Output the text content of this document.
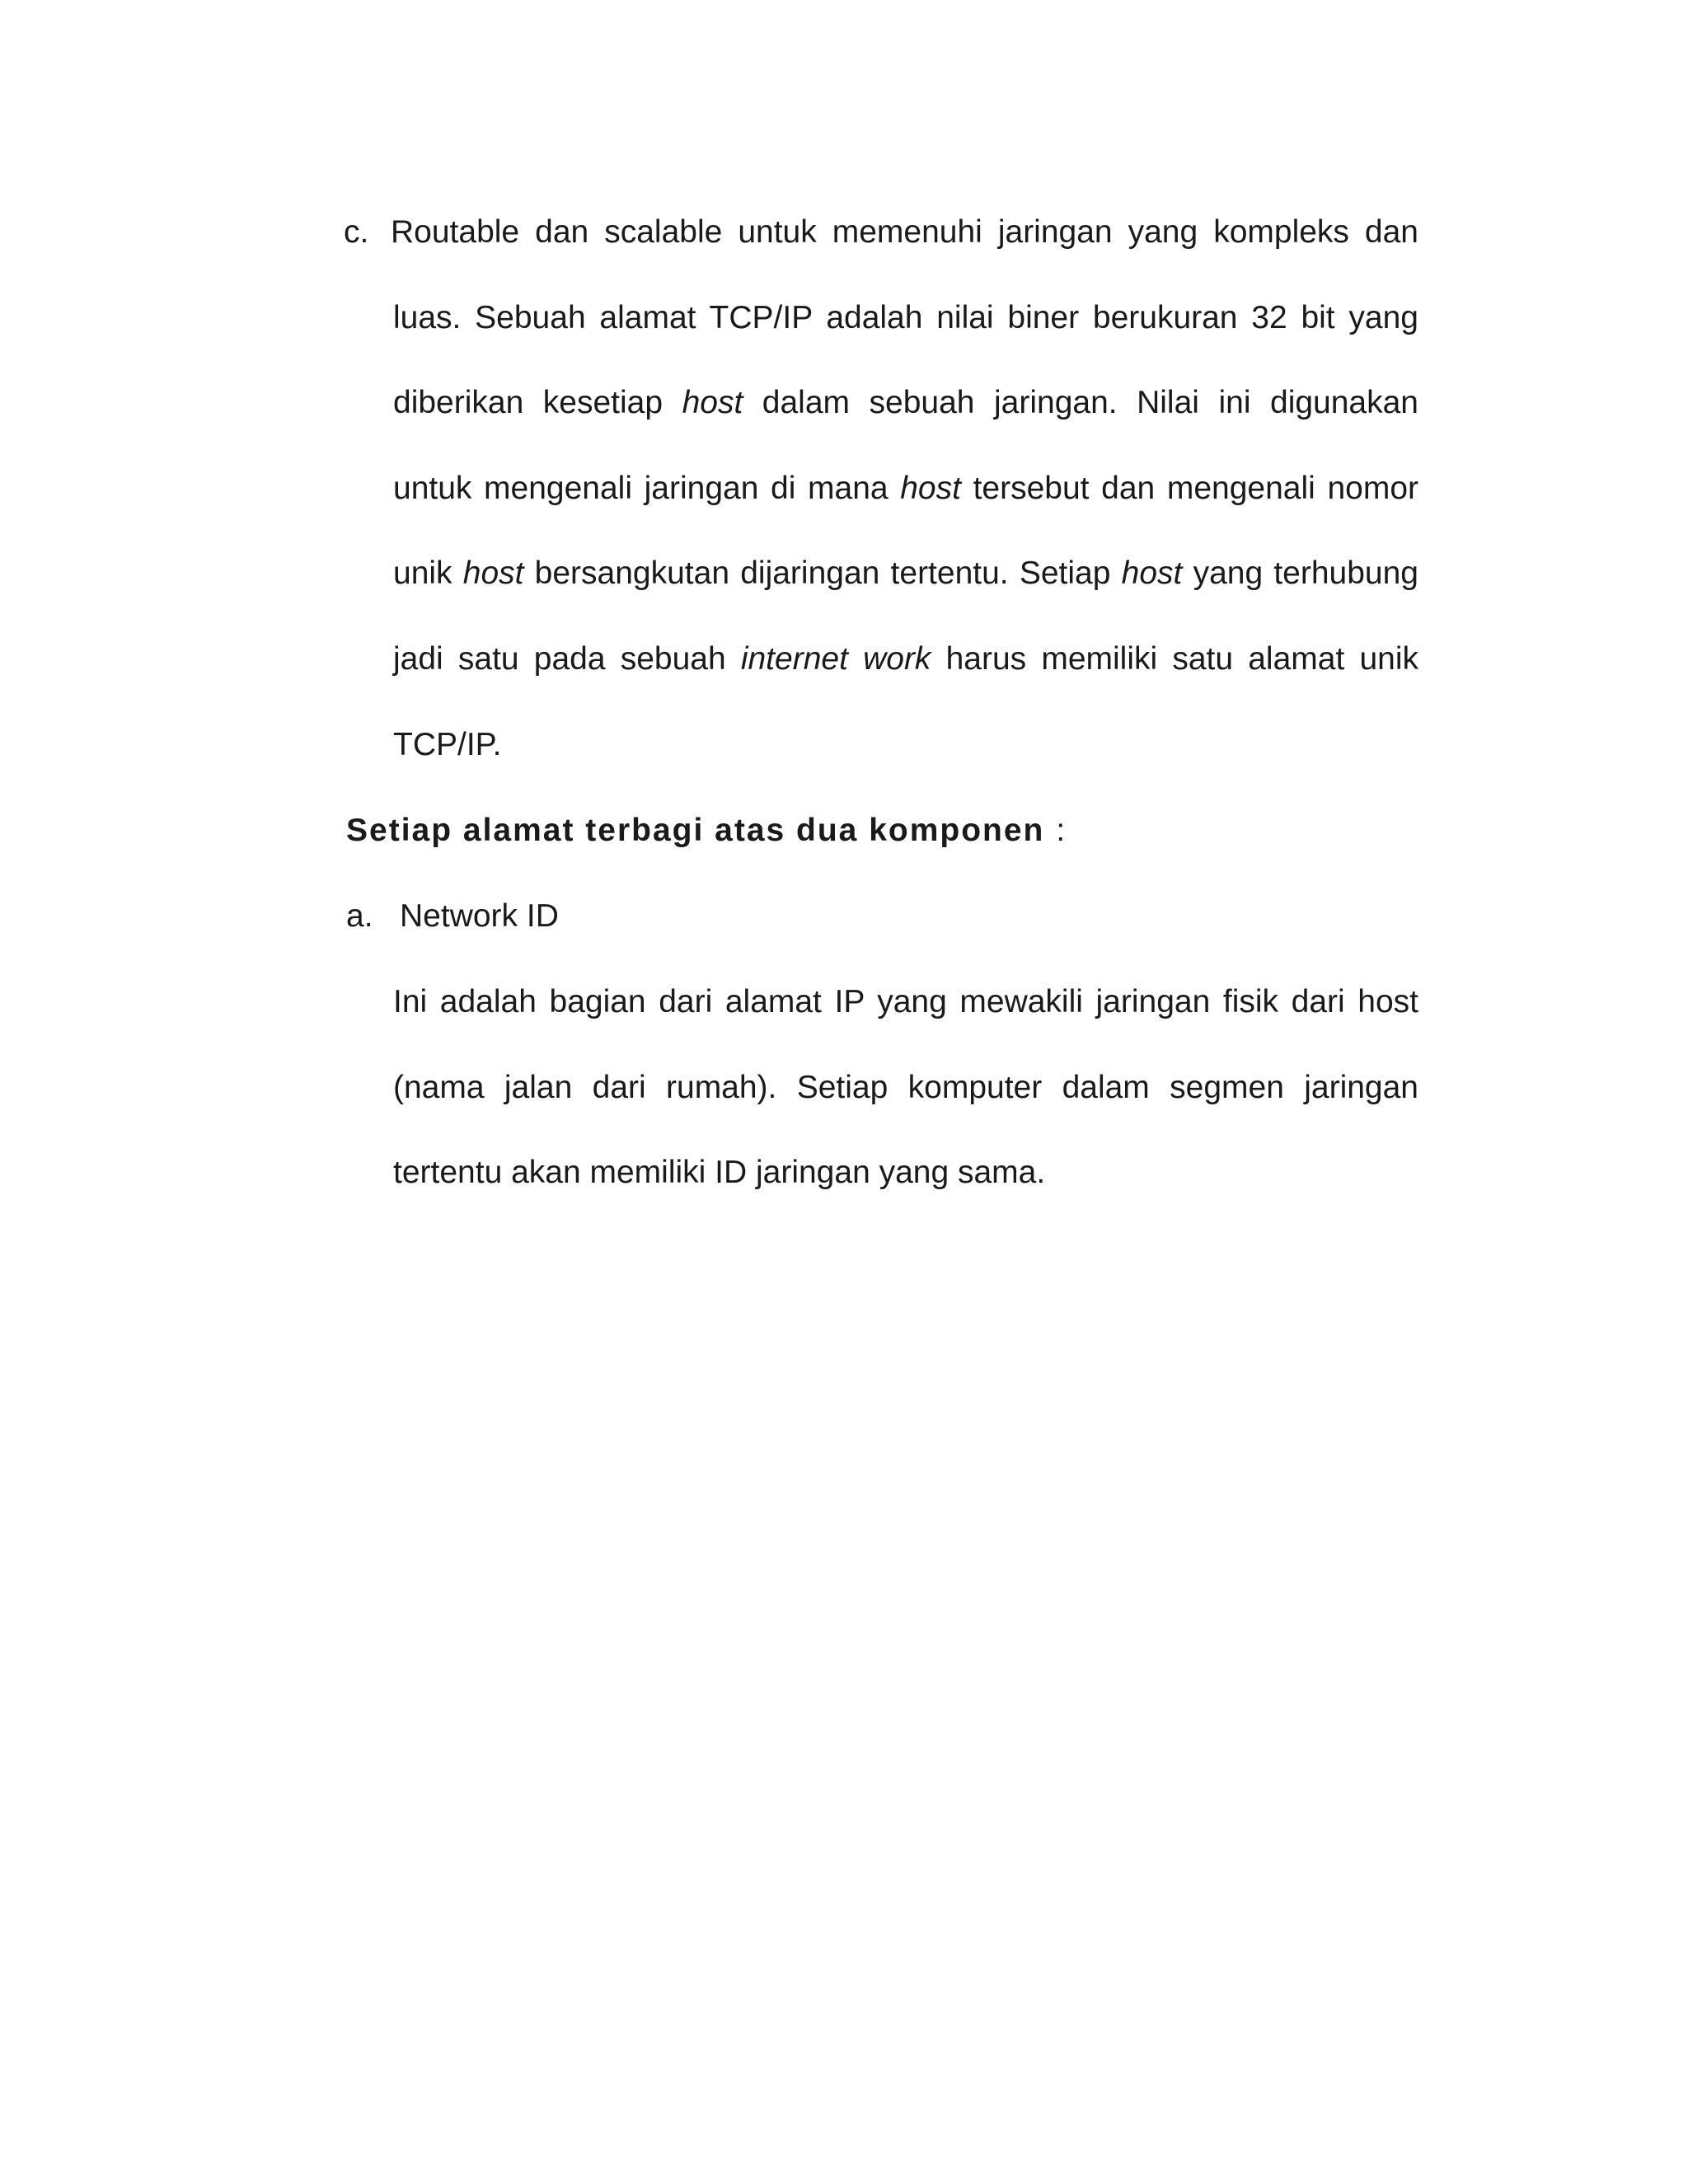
c. Routable dan scalable untuk memenuhi jaringan yang kompleks dan
luas. Sebuah alamat TCP/IP adalah nilai biner berukuran 32 bit yang
diberikan kesetiap host dalam sebuah jaringan. Nilai ini digunakan
untuk mengenali jaringan di mana host tersebut dan mengenali nomor
unik host bersangkutan dijaringan tertentu. Setiap host yang terhubung
jadi satu pada sebuah internet work harus memiliki satu alamat unik
TCP/IP.
Setiap alamat terbagi atas dua komponen :
a. Network ID
Ini adalah bagian dari alamat IP yang mewakili jaringan fisik dari host
(nama jalan dari rumah). Setiap komputer dalam segmen jaringan
tertentu akan memiliki ID jaringan yang sama.
